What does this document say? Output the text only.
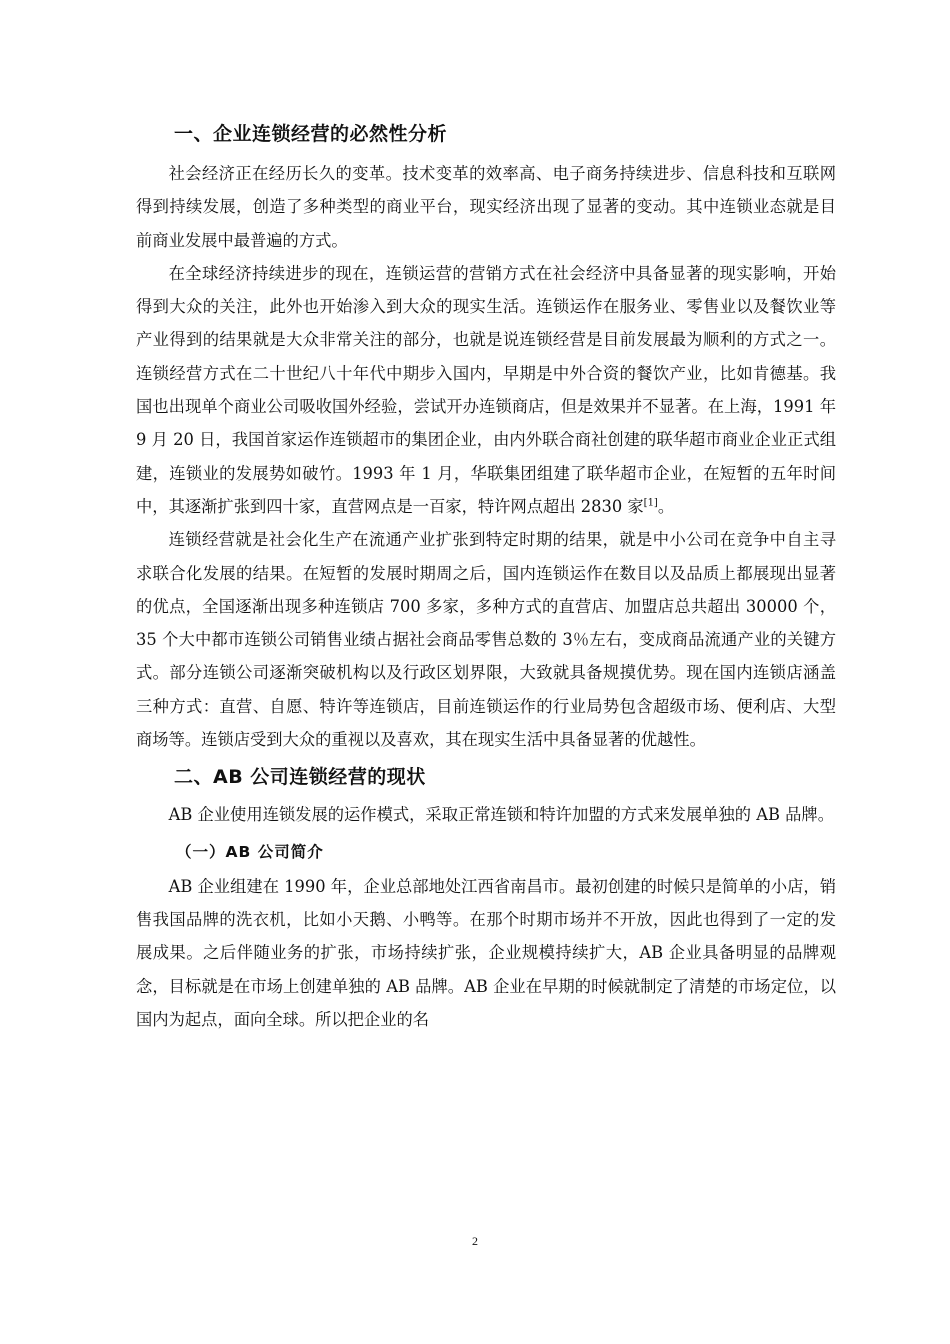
一、企业连锁经营的必然性分析

社会经济正在经历长久的变革。技术变革的效率高、电子商务持续进步、信息科技和互联网得到持续发展，创造了多种类型的商业平台，现实经济出现了显著的变动。其中连锁业态就是目前商业发展中最普遍的方式。

在全球经济持续进步的现在，连锁运营的营销方式在社会经济中具备显著的现实影响，开始得到大众的关注，此外也开始渗入到大众的现实生活。连锁运作在服务业、零售业以及餐饮业等产业得到的结果就是大众非常关注的部分，也就是说连锁经营是目前发展最为顺利的方式之一。连锁经营方式在二十世纪八十年代中期步入国内，早期是中外合资的餐饮产业，比如肯德基。我国也出现单个商业公司吸收国外经验，尝试开办连锁商店，但是效果并不显著。在上海，1991 年 9 月 20 日，我国首家运作连锁超市的集团企业，由内外联合商社创建的联华超市商业企业正式组建，连锁业的发展势如破竹。1993 年 1 月，华联集团组建了联华超市企业，在短暂的五年时间中，其逐渐扩张到四十家，直营网点是一百家，特许网点超出 2830 家[1]。

连锁经营就是社会化生产在流通产业扩张到特定时期的结果，就是中小公司在竞争中自主寻求联合化发展的结果。在短暂的发展时期周之后，国内连锁运作在数目以及品质上都展现出显著的优点，全国逐渐出现多种连锁店 700 多家，多种方式的直营店、加盟店总共超出 30000 个，35 个大中都市连锁公司销售业绩占据社会商品零售总数的 3％左右，变成商品流通产业的关键方式。部分连锁公司逐渐突破机构以及行政区划界限，大致就具备规摸优势。现在国内连锁店涵盖三种方式：直营、自愿、特许等连锁店，目前连锁运作的行业局势包含超级市场、便利店、大型商场等。连锁店受到大众的重视以及喜欢，其在现实生活中具备显著的优越性。

二、AB 公司连锁经营的现状

AB 企业使用连锁发展的运作模式，采取正常连锁和特许加盟的方式来发展单独的 AB 品牌。

（一）AB 公司简介

AB 企业组建在 1990 年，企业总部地处江西省南昌市。最初创建的时候只是简单的小店，销售我国品牌的洗衣机，比如小天鹅、小鸭等。在那个时期市场并不开放，因此也得到了一定的发展成果。之后伴随业务的扩张，市场持续扩张，企业规模持续扩大，AB 企业具备明显的品牌观念，目标就是在市场上创建单独的 AB 品牌。AB 企业在早期的时候就制定了清楚的市场定位，以国内为起点，面向全球。所以把企业的名

2
